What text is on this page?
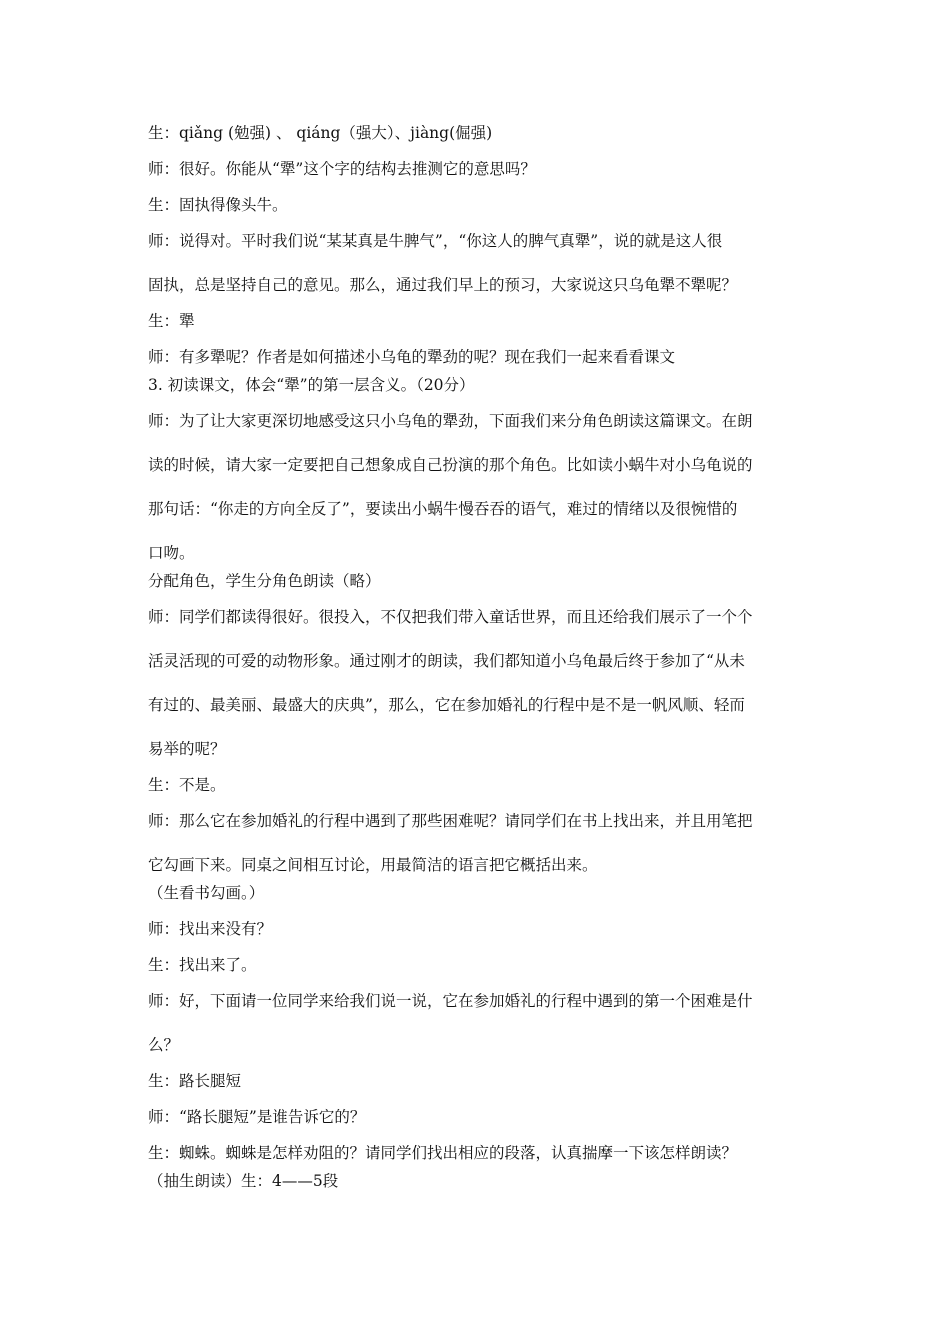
生：qiǎng (勉强) 、 qiáng（强大）、jiàng(倔强)

师：很好。你能从“犟”这个字的结构去推测它的意思吗？

生：固执得像头牛。

师：说得对。平时我们说“某某真是牛脾气”，“你这人的脾气真犟”，说的就是这人很

固执，总是坚持自己的意见。那么，通过我们早上的预习，大家说这只乌龟犟不犟呢？

生：犟

师：有多犟呢？作者是如何描述小乌龟的犟劲的呢？现在我们一起来看看课文

3. 初读课文，体会“犟”的第一层含义。（20分）

师：为了让大家更深切地感受这只小乌龟的犟劲，下面我们来分角色朗读这篇课文。在朗

读的时候，请大家一定要把自己想象成自己扮演的那个角色。比如读小蜗牛对小乌龟说的

那句话：“你走的方向全反了”，要读出小蜗牛慢吞吞的语气，难过的情绪以及很惋惜的

口吻。

分配角色，学生分角色朗读（略）

师：同学们都读得很好。很投入，不仅把我们带入童话世界，而且还给我们展示了一个个

活灵活现的可爱的动物形象。通过刚才的朗读，我们都知道小乌龟最后终于参加了“从未

有过的、最美丽、最盛大的庆典”，那么，它在参加婚礼的行程中是不是一帆风顺、轻而

易举的呢？

生：不是。

师：那么它在参加婚礼的行程中遇到了那些困难呢？请同学们在书上找出来，并且用笔把

它勾画下来。同桌之间相互讨论，用最简洁的语言把它概括出来。

（生看书勾画。）

师：找出来没有？

生：找出来了。

师：好，下面请一位同学来给我们说一说，它在参加婚礼的行程中遇到的第一个困难是什

么？

生：路长腿短

师：“路长腿短”是谁告诉它的？

生：蜘蛛。蜘蛛是怎样劝阻的？请同学们找出相应的段落，认真揣摩一下该怎样朗读？

（抽生朗读）生：4——5段
